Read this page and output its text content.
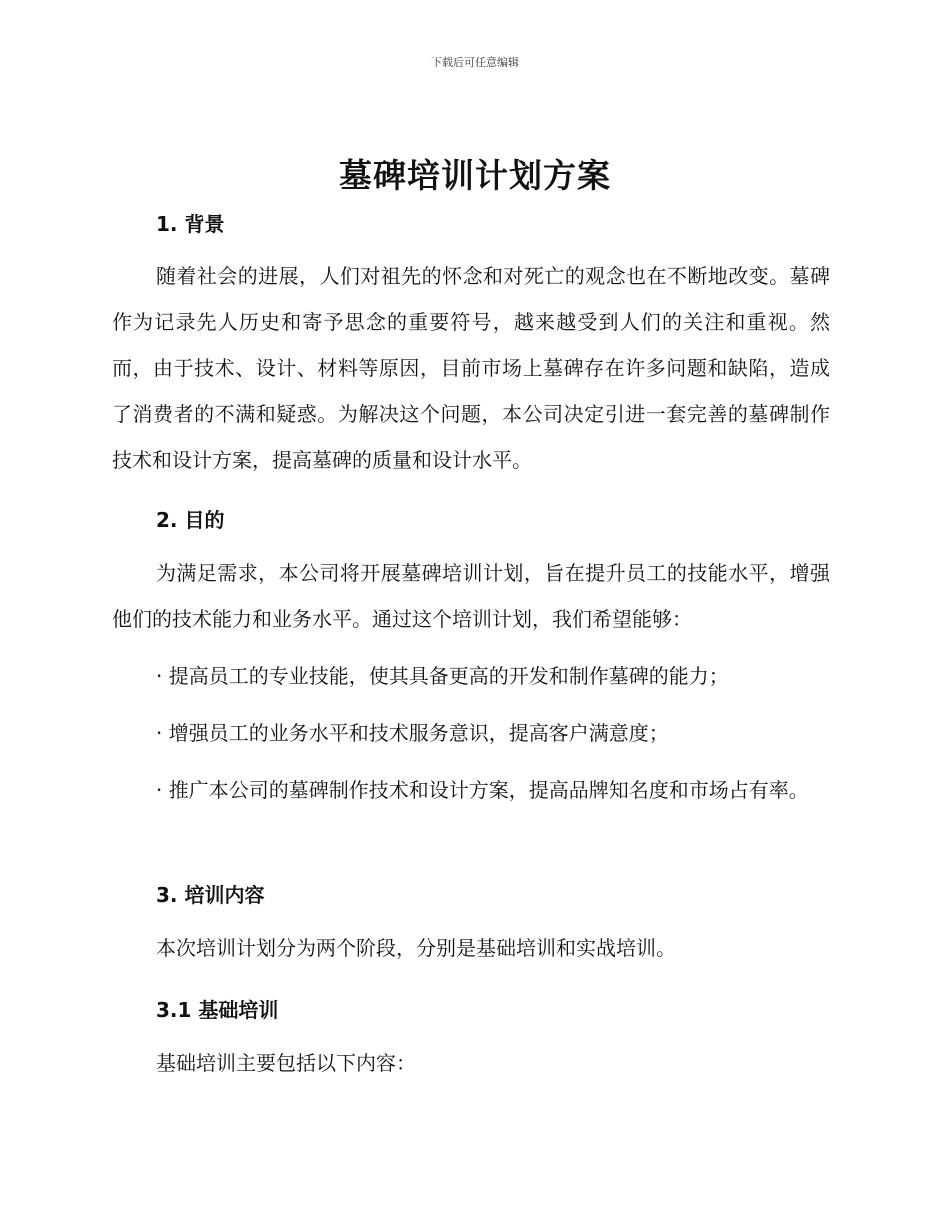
下载后可任意编辑
墓碑培训计划方案
1. 背景
随着社会的进展，人们对祖先的怀念和对死亡的观念也在不断地改变。墓碑作为记录先人历史和寄予思念的重要符号，越来越受到人们的关注和重视。然而，由于技术、设计、材料等原因，目前市场上墓碑存在许多问题和缺陷，造成了消费者的不满和疑惑。为解决这个问题，本公司决定引进一套完善的墓碑制作技术和设计方案，提高墓碑的质量和设计水平。
2. 目的
为满足需求，本公司将开展墓碑培训计划，旨在提升员工的技能水平，增强他们的技术能力和业务水平。通过这个培训计划，我们希望能够：
· 提高员工的专业技能，使其具备更高的开发和制作墓碑的能力；
· 增强员工的业务水平和技术服务意识，提高客户满意度；
· 推广本公司的墓碑制作技术和设计方案，提高品牌知名度和市场占有率。
3. 培训内容
本次培训计划分为两个阶段，分别是基础培训和实战培训。
3.1 基础培训
基础培训主要包括以下内容：
